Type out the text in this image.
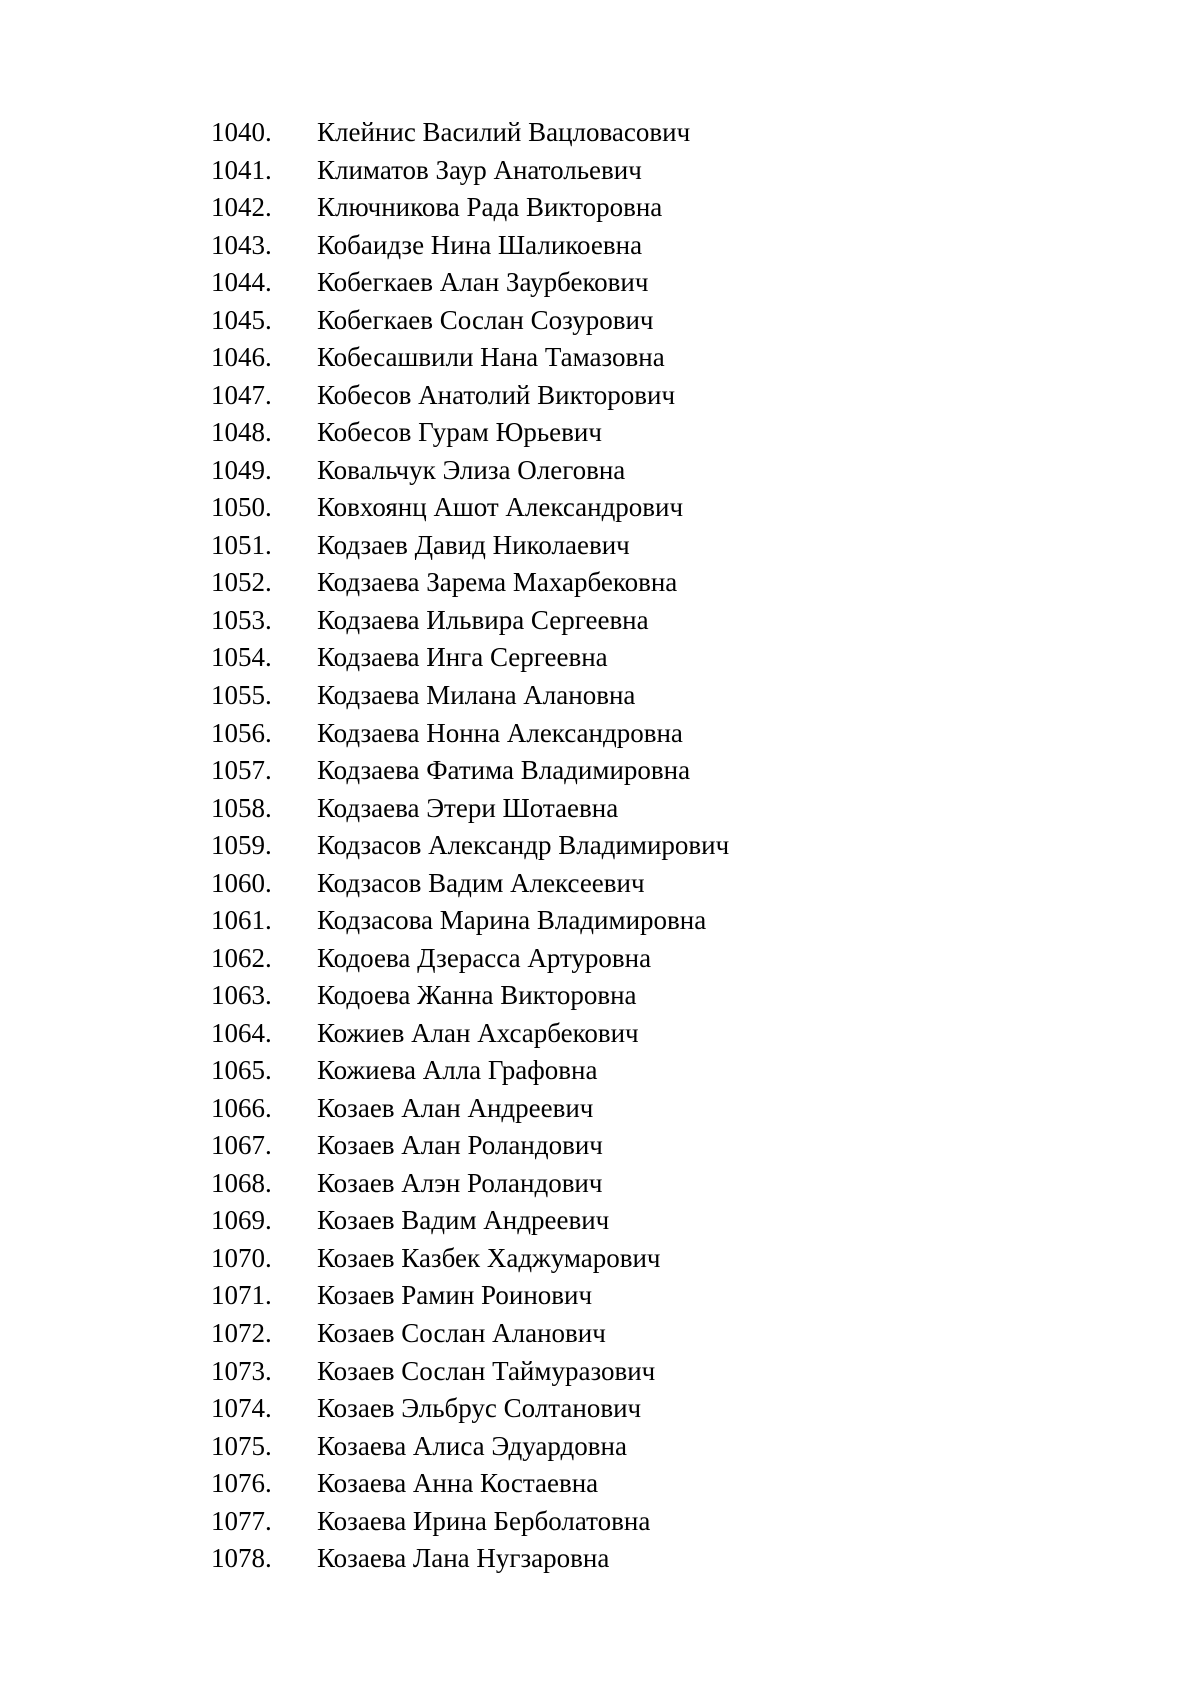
1040.	Клейнис Василий Вацловасович
1041.	Климатов Заур Анатольевич
1042.	Ключникова Рада Викторовна
1043.	Кобаидзе Нина Шаликоевна
1044.	Кобегкаев Алан Заурбекович
1045.	Кобегкаев Сослан Созурович
1046.	Кобесашвили Нана Тамазовна
1047.	Кобесов Анатолий Викторович
1048.	Кобесов Гурам Юрьевич
1049.	Ковальчук Элиза Олеговна
1050.	Ковхоянц Ашот Александрович
1051.	Кодзаев Давид Николаевич
1052.	Кодзаева Зарема Махарбековна
1053.	Кодзаева Ильвира Сергеевна
1054.	Кодзаева Инга Сергеевна
1055.	Кодзаева Милана Алановна
1056.	Кодзаева Нонна Александровна
1057.	Кодзаева Фатима Владимировна
1058.	Кодзаева Этери Шотаевна
1059.	Кодзасов Александр Владимирович
1060.	Кодзасов Вадим Алексеевич
1061.	Кодзасова Марина Владимировна
1062.	Кодоева Дзерасса Артуровна
1063.	Кодоева Жанна Викторовна
1064.	Кожиев Алан Ахсарбекович
1065.	Кожиева Алла Графовна
1066.	Козаев Алан Андреевич
1067.	Козаев Алан Роландович
1068.	Козаев Алэн Роландович
1069.	Козаев Вадим Андреевич
1070.	Козаев Казбек Хаджумарович
1071.	Козаев Рамин Роинович
1072.	Козаев Сослан Аланович
1073.	Козаев Сослан Таймуразович
1074.	Козаев Эльбрус Солтанович
1075.	Козаева Алиса Эдуардовна
1076.	Козаева Анна Костаевна
1077.	Козаева Ирина Берболатовна
1078.	Козаева Лана Нугзаровна
